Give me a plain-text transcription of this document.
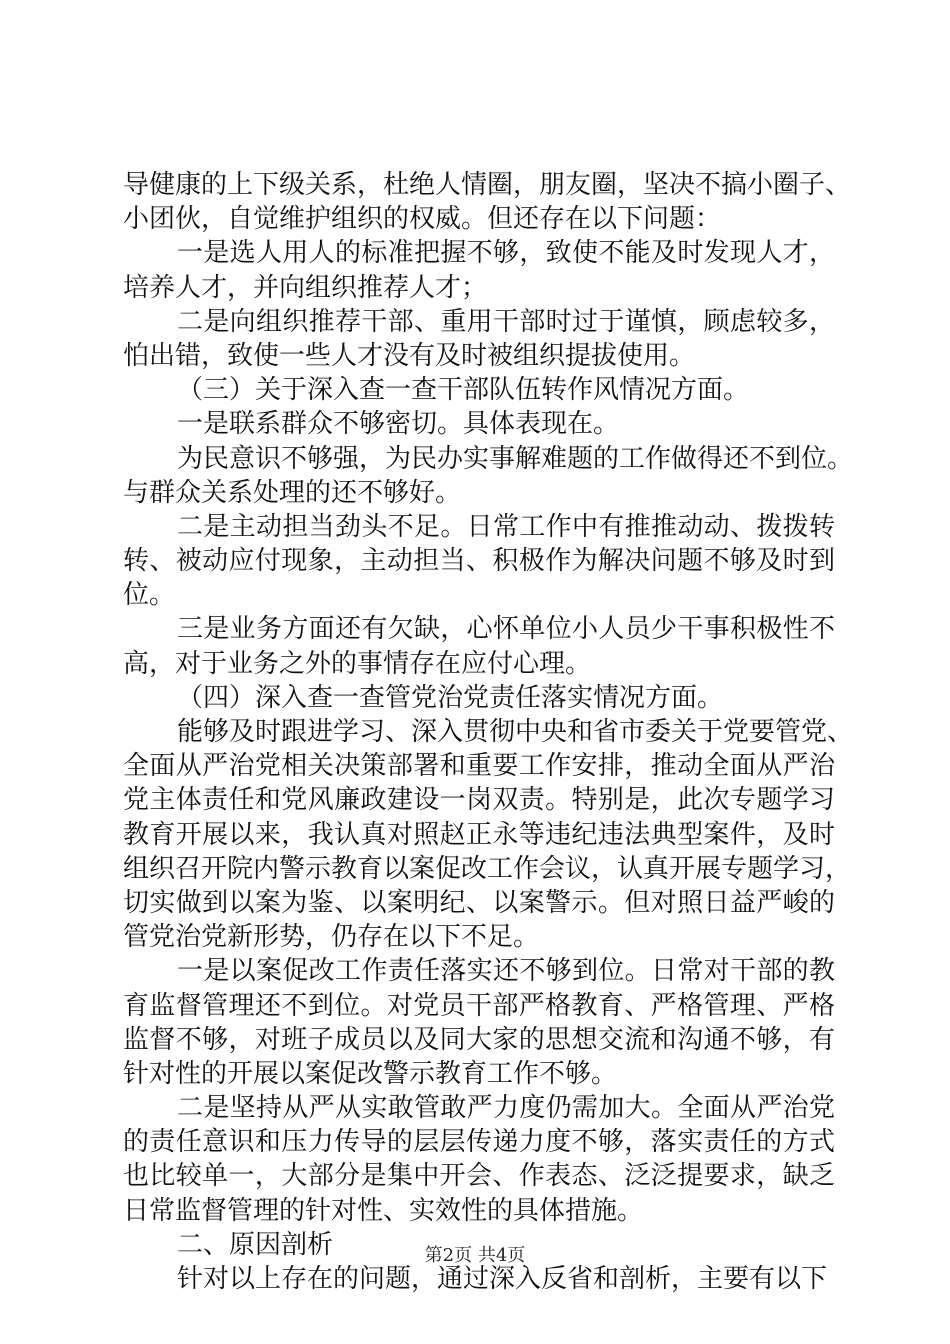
导健康的上下级关系，杜绝人情圈，朋友圈，坚决不搞小圈子、
小团伙，自觉维护组织的权威。但还存在以下问题：
一是选人用人的标准把握不够，致使不能及时发现人才，
培养人才，并向组织推荐人才；
二是向组织推荐干部、重用干部时过于谨慎，顾虑较多，
怕出错，致使一些人才没有及时被组织提拔使用。
（三）关于深入查一查干部队伍转作风情况方面。
一是联系群众不够密切。具体表现在。
为民意识不够强，为民办实事解难题的工作做得还不到位。
与群众关系处理的还不够好。
二是主动担当劲头不足。日常工作中有推推动动、拨拨转
转、被动应付现象，主动担当、积极作为解决问题不够及时到
位。
三是业务方面还有欠缺，心怀单位小人员少干事积极性不
高，对于业务之外的事情存在应付心理。
（四）深入查一查管党治党责任落实情况方面。
能够及时跟进学习、深入贯彻中央和省市委关于党要管党、
全面从严治党相关决策部署和重要工作安排，推动全面从严治
党主体责任和党风廉政建设一岗双责。特别是，此次专题学习
教育开展以来，我认真对照赵正永等违纪违法典型案件，及时
组织召开院内警示教育以案促改工作会议，认真开展专题学习，
切实做到以案为鉴、以案明纪、以案警示。但对照日益严峻的
管党治党新形势，仍存在以下不足。
一是以案促改工作责任落实还不够到位。日常对干部的教
育监督管理还不到位。对党员干部严格教育、严格管理、严格
监督不够，对班子成员以及同大家的思想交流和沟通不够，有
针对性的开展以案促改警示教育工作不够。
二是坚持从严从实敢管敢严力度仍需加大。全面从严治党
的责任意识和压力传导的层层传递力度不够，落实责任的方式
也比较单一，大部分是集中开会、作表态、泛泛提要求，缺乏
日常监督管理的针对性、实效性的具体措施。
二、原因剖析
针对以上存在的问题，通过深入反省和剖析，主要有以下
第2页 共4页
